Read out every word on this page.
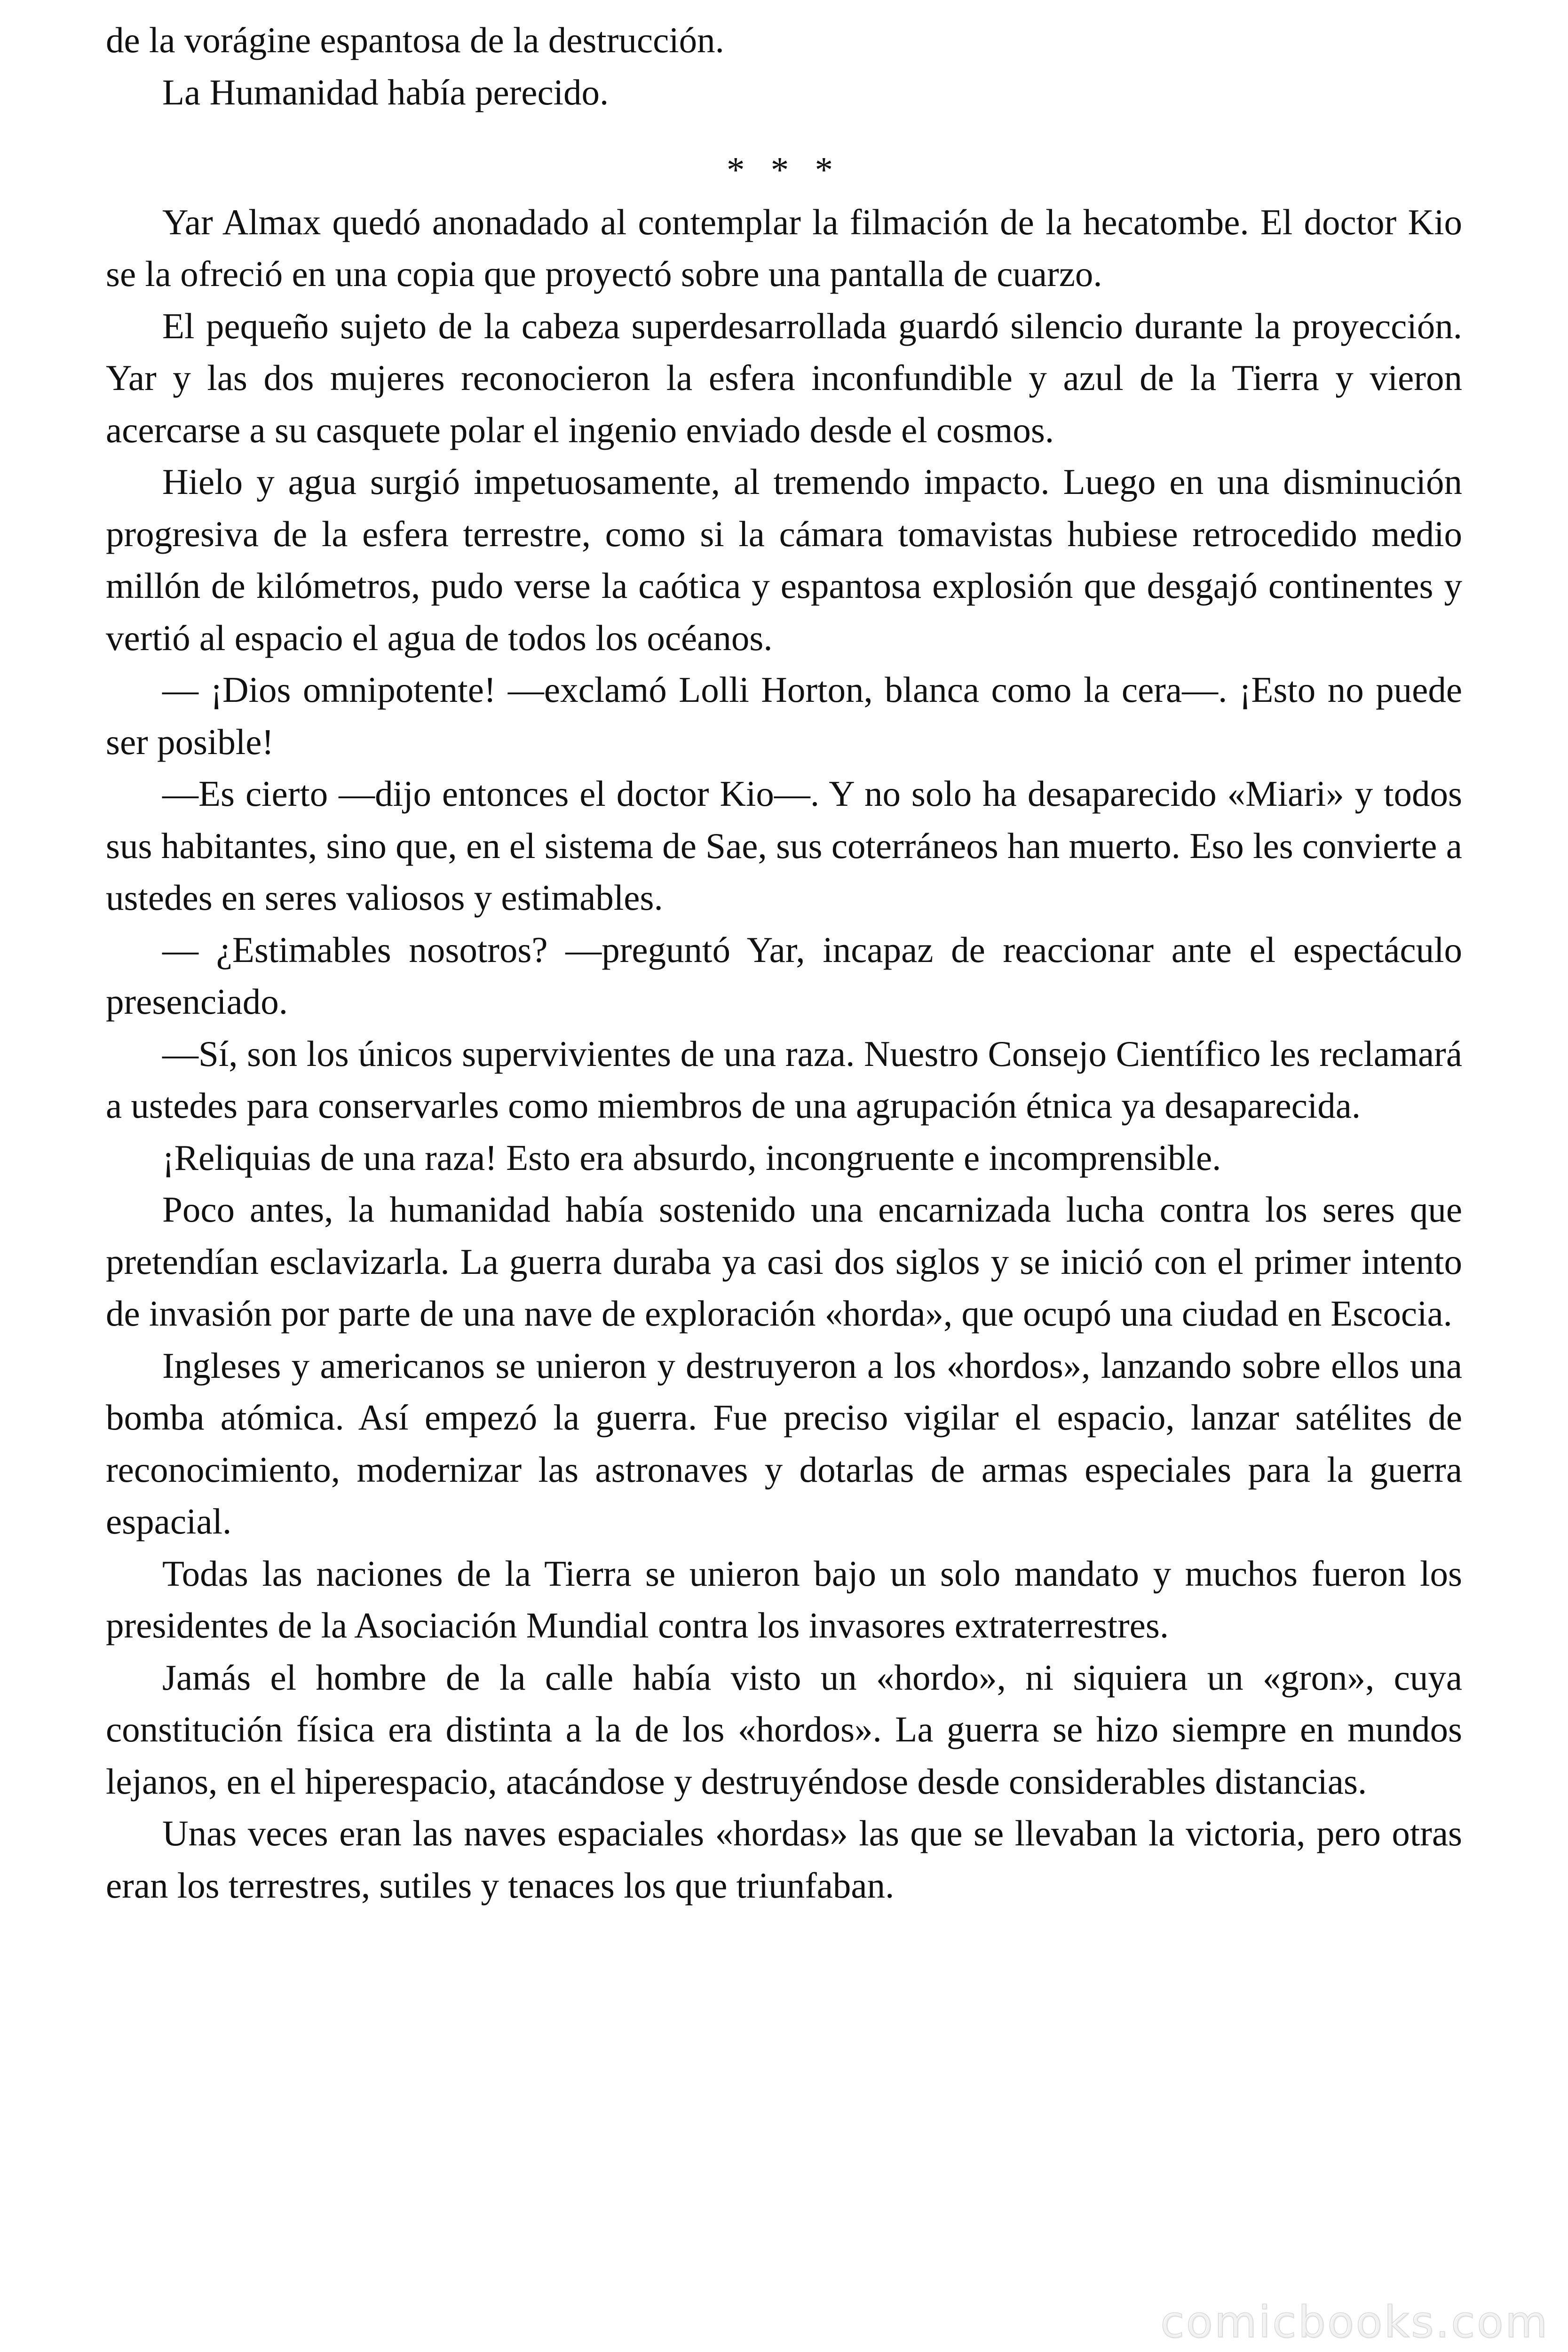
de la vorágine espantosa de la destrucción.

La Humanidad había perecido.

* * *

Yar Almax quedó anonadado al contemplar la filmación de la hecatombe. El doctor Kio se la ofreció en una copia que proyectó sobre una pantalla de cuarzo.

El pequeño sujeto de la cabeza superdesarrollada guardó silencio durante la proyección. Yar y las dos mujeres reconocieron la esfera inconfundible y azul de la Tierra y vieron acercarse a su casquete polar el ingenio enviado desde el cosmos.

Hielo y agua surgió impetuosamente, al tremendo impacto. Luego en una disminución progresiva de la esfera terrestre, como si la cámara tomavistas hubiese retrocedido medio millón de kilómetros, pudo verse la caótica y espantosa explosión que desgajó continentes y vertió al espacio el agua de todos los océanos.

— ¡Dios omnipotente! —exclamó Lolli Horton, blanca como la cera—. ¡Esto no puede ser posible!

—Es cierto —dijo entonces el doctor Kio—. Y no solo ha desaparecido «Miari» y todos sus habitantes, sino que, en el sistema de Sae, sus coterráneos han muerto. Eso les convierte a ustedes en seres valiosos y estimables.

— ¿Estimables nosotros? —preguntó Yar, incapaz de reaccionar ante el espectáculo presenciado.

—Sí, son los únicos supervivientes de una raza. Nuestro Consejo Científico les reclamará a ustedes para conservarles como miembros de una agrupación étnica ya desaparecida.

¡Reliquias de una raza! Esto era absurdo, incongruente e incomprensible.

Poco antes, la humanidad había sostenido una encarnizada lucha contra los seres que pretendían esclavizarla. La guerra duraba ya casi dos siglos y se inició con el primer intento de invasión por parte de una nave de exploración «horda», que ocupó una ciudad en Escocia.

Ingleses y americanos se unieron y destruyeron a los «hordos», lanzando sobre ellos una bomba atómica. Así empezó la guerra. Fue preciso vigilar el espacio, lanzar satélites de reconocimiento, modernizar las astronaves y dotarlas de armas especiales para la guerra espacial.

Todas las naciones de la Tierra se unieron bajo un solo mandato y muchos fueron los presidentes de la Asociación Mundial contra los invasores extraterrestres.

Jamás el hombre de la calle había visto un «hordo», ni siquiera un «gron», cuya constitución física era distinta a la de los «hordos». La guerra se hizo siempre en mundos lejanos, en el hiperespacio, atacándose y destruyéndose desde considerables distancias.

Unas veces eran las naves espaciales «hordas» las que se llevaban la victoria, pero otras eran los terrestres, sutiles y tenaces los que triunfaban.

comicbooks.com
